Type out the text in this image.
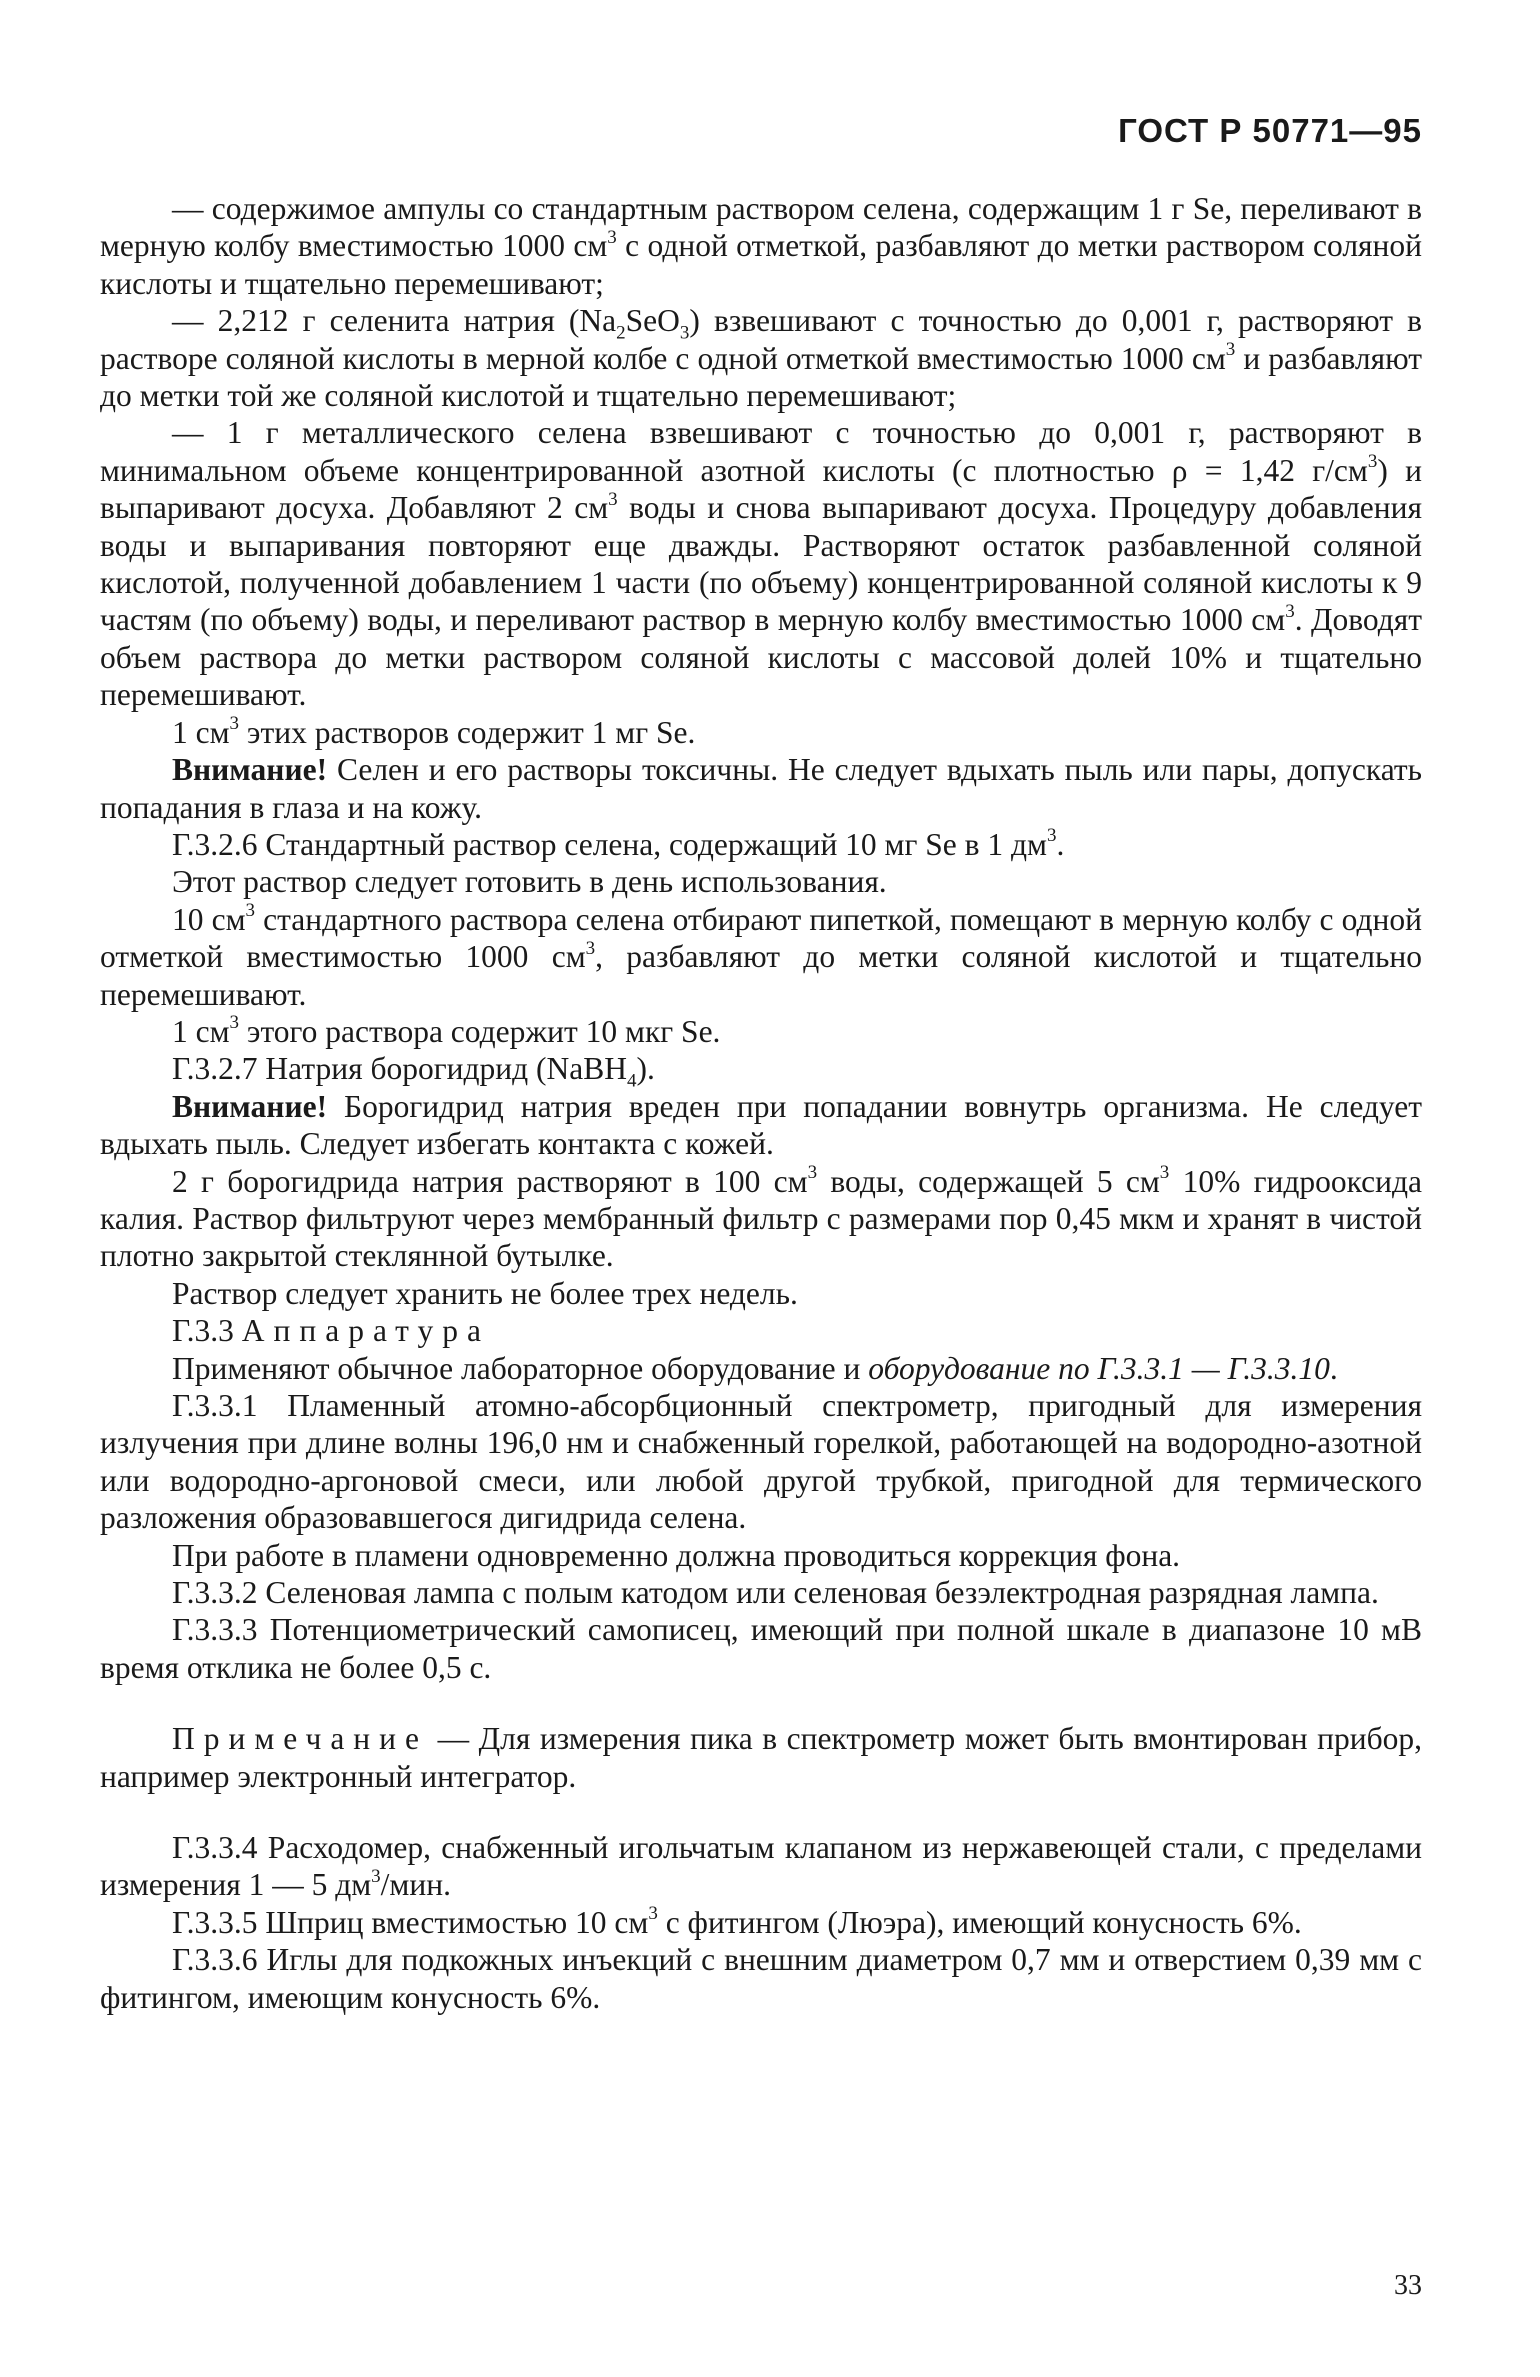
ГОСТ Р 50771—95

— содержимое ампулы со стандартным раствором селена, содержащим 1 г Se, переливают в мерную колбу вместимостью 1000 $см^3$ с одной отметкой, разбавляют до метки раствором соляной кислоты и тщательно перемешивают;

— 2,212 г селенита натрия $(Na_2SeO_3)$ взвешивают с точностью до 0,001 г, растворяют в растворе соляной кислоты в мерной колбе с одной отметкой вместимостью 1000 $см^3$ и разбавляют до метки той же соляной кислотой и тщательно перемешивают;

— 1 г металлического селена взвешивают с точностью до 0,001 г, растворяют в минимальном объеме концентрированной азотной кислоты (с плотностью ρ = 1,42 $г/см^3$) и выпаривают досуха. Добавляют 2 $см^3$ воды и снова выпаривают досуха. Процедуру добавления воды и выпаривания повторяют еще дважды. Растворяют остаток разбавленной соляной кислотой, полученной добавлением 1 части (по объему) концентрированной соляной кислоты к 9 частям (по объему) воды, и переливают раствор в мерную колбу вместимостью 1000 $см^3$. Доводят объем раствора до метки раствором соляной кислоты с массовой долей 10% и тщательно перемешивают.

1 $см^3$ этих растворов содержит 1 мг Se.

Внимание! Селен и его растворы токсичны. Не следует вдыхать пыль или пары, допускать попадания в глаза и на кожу.

Г.3.2.6 Стандартный раствор селена, содержащий 10 мг Se в 1 $дм^3$.

Этот раствор следует готовить в день использования.

10 $см^3$ стандартного раствора селена отбирают пипеткой, помещают в мерную колбу с одной отметкой вместимостью 1000 $см^3$, разбавляют до метки соляной кислотой и тщательно перемешивают.

1 $см^3$ этого раствора содержит 10 мкг Se.

Г.3.2.7 Натрия борогидрид (NaBH$_4$).

Внимание! Борогидрид натрия вреден при попадании вовнутрь организма. Не следует вдыхать пыль. Следует избегать контакта с кожей.

2 г борогидрида натрия растворяют в 100 $см^3$ воды, содержащей 5 $см^3$ 10% гидрооксида калия. Раствор фильтруют через мембранный фильтр с размерами пор 0,45 мкм и хранят в чистой плотно закрытой стеклянной бутылке.

Раствор следует хранить не более трех недель.

Г.3.3 Аппаратура

Применяют обычное лабораторное оборудование и оборудование по Г.3.3.1 — Г.3.3.10.

Г.3.3.1 Пламенный атомно-абсорбционный спектрометр, пригодный для измерения излучения при длине волны 196,0 нм и снабженный горелкой, работающей на водородно-азотной или водородно-аргоновой смеси, или любой другой трубкой, пригодной для термического разложения образовавшегося дигидрида селена.

При работе в пламени одновременно должна проводиться коррекция фона.

Г.3.3.2 Селеновая лампа с полым катодом или селеновая безэлектродная разрядная лампа.

Г.3.3.3 Потенциометрический самописец, имеющий при полной шкале в диапазоне 10 мВ время отклика не более 0,5 с.

Примечание — Для измерения пика в спектрометр может быть вмонтирован прибор, например электронный интегратор.

Г.3.3.4 Расходомер, снабженный игольчатым клапаном из нержавеющей стали, с пределами измерения 1 — 5 $дм^3$/мин.

Г.3.3.5 Шприц вместимостью 10 $см^3$ с фитингом (Люэра), имеющий конусность 6%.

Г.3.3.6 Иглы для подкожных инъекций с внешним диаметром 0,7 мм и отверстием 0,39 мм с фитингом, имеющим конусность 6%.

33
